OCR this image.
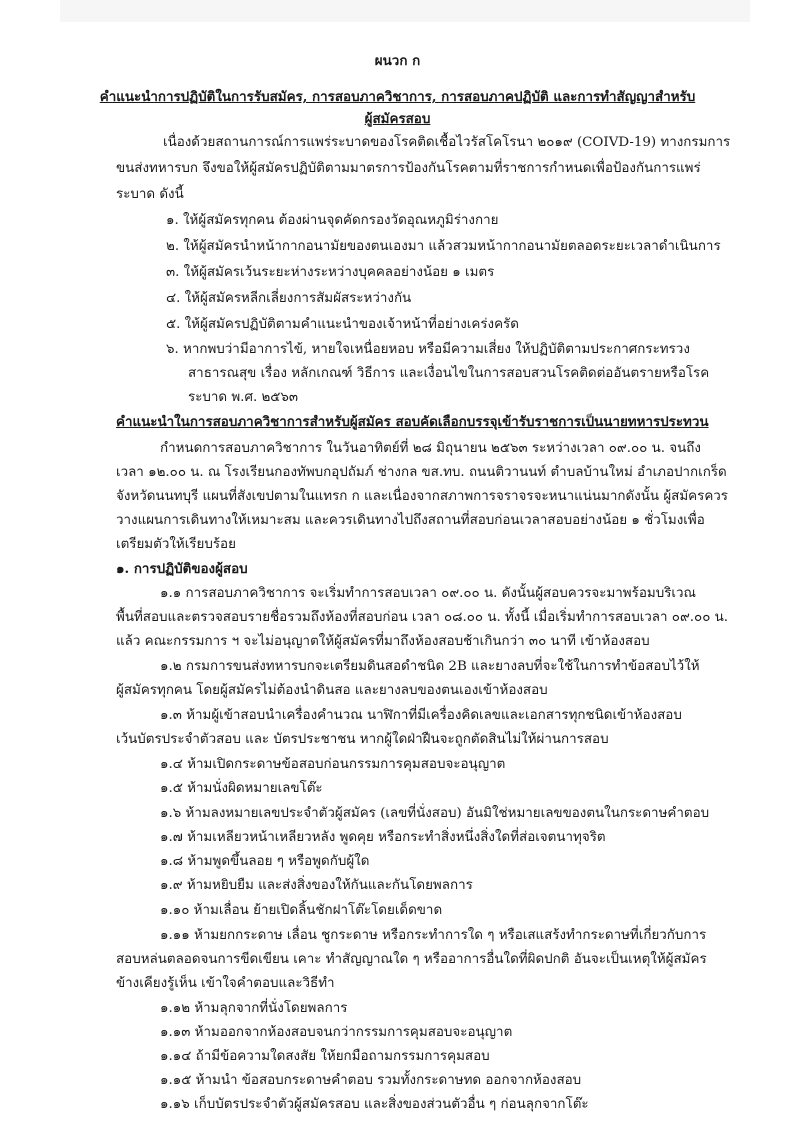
ผนวก ก
คำแนะนำการปฏิบัติในการรับสมัคร, การสอบภาควิชาการ, การสอบภาคปฏิบัติ และการทำสัญญาสำหรับ
ผู้สมัครสอบ
เนื่องด้วยสถานการณ์การแพร่ระบาดของโรคติดเชื้อไวรัสโคโรนา ๒๐๑๙ (COIVD-19) ทางกรมการ
ขนส่งทหารบก จึงขอให้ผู้สมัครปฏิบัติตามมาตรการป้องกันโรคตามที่ราชการกำหนดเพื่อป้องกันการแพร่
ระบาด ดังนี้
๑. ให้ผู้สมัครทุกคน ต้องผ่านจุดคัดกรองวัดอุณหภูมิร่างกาย
๒. ให้ผู้สมัครนำหน้ากากอนามัยของตนเองมา แล้วสวมหน้ากากอนามัยตลอดระยะเวลาดำเนินการ
๓. ให้ผู้สมัครเว้นระยะห่างระหว่างบุคคลอย่างน้อย ๑ เมตร
๔. ให้ผู้สมัครหลีกเลี่ยงการสัมผัสระหว่างกัน
๕. ให้ผู้สมัครปฏิบัติตามคำแนะนำของเจ้าหน้าที่อย่างเคร่งครัด
๖. หากพบว่ามีอาการไข้, หายใจเหนื่อยหอบ หรือมีความเสี่ยง ให้ปฏิบัติตามประกาศกระทรวง
สาธารณสุข เรื่อง หลักเกณฑ์ วิธีการ และเงื่อนไขในการสอบสวนโรคติดต่ออันตรายหรือโรค
ระบาด พ.ศ. ๒๕๖๓
คำแนะนำในการสอบภาควิชาการสำหรับผู้สมัคร สอบคัดเลือกบรรจุเข้ารับราชการเป็นนายทหารประทวน
กำหนดการสอบภาควิชาการ ในวันอาทิตย์ที่ ๒๘ มิถุนายน ๒๕๖๓ ระหว่างเวลา ๐๙.๐๐ น. จนถึง
เวลา ๑๒.๐๐ น. ณ โรงเรียนกองทัพบกอุปถัมภ์ ช่างกล ขส.ทบ. ถนนติวานนท์ ตำบลบ้านใหม่ อำเภอปากเกร็ด
จังหวัดนนทบุรี แผนที่สังเขปตามในแทรก ก และเนื่องจากสภาพการจราจรจะหนาแน่นมากดังนั้น ผู้สมัครควร
วางแผนการเดินทางให้เหมาะสม และควรเดินทางไปถึงสถานที่สอบก่อนเวลาสอบอย่างน้อย ๑ ชั่วโมงเพื่อ
เตรียมตัวให้เรียบร้อย
๑. การปฏิบัติของผู้สอบ
๑.๑ การสอบภาควิชาการ จะเริ่มทำการสอบเวลา ๐๙.๐๐ น. ดังนั้นผู้สอบควรจะมาพร้อมบริเวณ
พื้นที่สอบและตรวจสอบรายชื่อรวมถึงห้องที่สอบก่อน เวลา ๐๘.๐๐ น. ทั้งนี้ เมื่อเริ่มทำการสอบเวลา ๐๙.๐๐ น.
แล้ว คณะกรรมการ ฯ จะไม่อนุญาตให้ผู้สมัครที่มาถึงห้องสอบช้าเกินกว่า ๓๐ นาที เข้าห้องสอบ
๑.๒ กรมการขนส่งทหารบกจะเตรียมดินสอดำชนิด 2B และยางลบที่จะใช้ในการทำข้อสอบไว้ให้
ผู้สมัครทุกคน โดยผู้สมัครไม่ต้องนำดินสอ และยางลบของตนเองเข้าห้องสอบ
๑.๓ ห้ามผู้เข้าสอบนำเครื่องคำนวณ นาฬิกาที่มีเครื่องคิดเลขและเอกสารทุกชนิดเข้าห้องสอบ
เว้นบัตรประจำตัวสอบ และ บัตรประชาชน หากผู้ใดฝ่าฝืนจะถูกตัดสินไม่ให้ผ่านการสอบ
๑.๔ ห้ามเปิดกระดาษข้อสอบก่อนกรรมการคุมสอบจะอนุญาต
๑.๕ ห้ามนั่งผิดหมายเลขโต๊ะ
๑.๖ ห้ามลงหมายเลขประจำตัวผู้สมัคร (เลขที่นั่งสอบ) อันมิใช่หมายเลขของตนในกระดาษคำตอบ
๑.๗ ห้ามเหลียวหน้าเหลียวหลัง พูดคุย หรือกระทำสิ่งหนึ่งสิ่งใดที่ส่อเจตนาทุจริต
๑.๘ ห้ามพูดขึ้นลอย ๆ หรือพูดกับผู้ใด
๑.๙ ห้ามหยิบยืม และส่งสิ่งของให้กันและกันโดยพลการ
๑.๑๐ ห้ามเลื่อน ย้ายเปิดลิ้นชักฝาโต๊ะโดยเด็ดขาด
๑.๑๑ ห้ามยกกระดาษ เลื่อน ชูกระดาษ หรือกระทำการใด ๆ หรือเสแสร้งทำกระดาษที่เกี่ยวกับการ
สอบหล่นตลอดจนการขีดเขียน เคาะ ทำสัญญาณใด ๆ หรืออาการอื่นใดที่ผิดปกติ อันจะเป็นเหตุให้ผู้สมัคร
ข้างเคียงรู้เห็น เข้าใจคำตอบและวิธีทำ
๑.๑๒ ห้ามลุกจากที่นั่งโดยพลการ
๑.๑๓ ห้ามออกจากห้องสอบจนกว่ากรรมการคุมสอบจะอนุญาต
๑.๑๔ ถ้ามีข้อความใดสงสัย ให้ยกมือถามกรรมการคุมสอบ
๑.๑๕ ห้ามนำ ข้อสอบกระดาษคำตอบ รวมทั้งกระดาษทด ออกจากห้องสอบ
๑.๑๖ เก็บบัตรประจำตัวผู้สมัครสอบ และสิ่งของส่วนตัวอื่น ๆ ก่อนลุกจากโต๊ะ
